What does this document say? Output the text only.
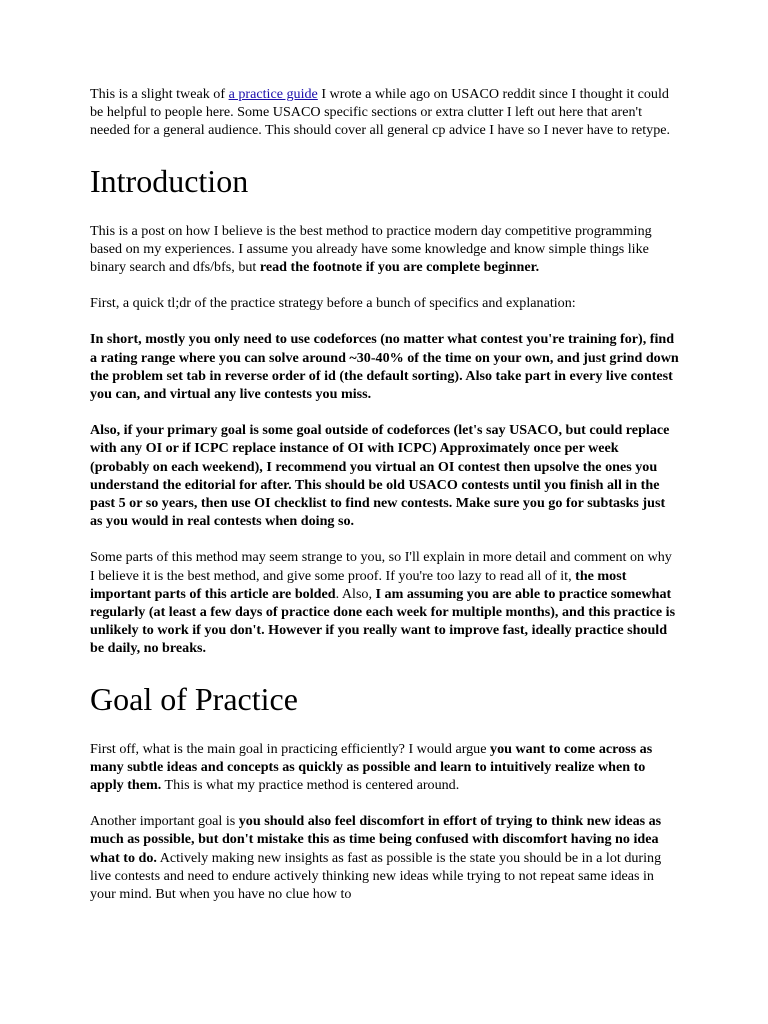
This is a slight tweak of a practice guide I wrote a while ago on USACO reddit since I thought it could be helpful to people here. Some USACO specific sections or extra clutter I left out here that aren't needed for a general audience. This should cover all general cp advice I have so I never have to retype.

Introduction

This is a post on how I believe is the best method to practice modern day competitive programming based on my experiences. I assume you already have some knowledge and know simple things like binary search and dfs/bfs, but read the footnote if you are complete beginner.

First, a quick tl;dr of the practice strategy before a bunch of specifics and explanation:

In short, mostly you only need to use codeforces (no matter what contest you're training for), find a rating range where you can solve around ~30-40% of the time on your own, and just grind down the problem set tab in reverse order of id (the default sorting). Also take part in every live contest you can, and virtual any live contests you miss.

Also, if your primary goal is some goal outside of codeforces (let's say USACO, but could replace with any OI or if ICPC replace instance of OI with ICPC) Approximately once per week (probably on each weekend), I recommend you virtual an OI contest then upsolve the ones you understand the editorial for after. This should be old USACO contests until you finish all in the past 5 or so years, then use OI checklist to find new contests. Make sure you go for subtasks just as you would in real contests when doing so.

Some parts of this method may seem strange to you, so I'll explain in more detail and comment on why I believe it is the best method, and give some proof. If you're too lazy to read all of it, the most important parts of this article are bolded. Also, I am assuming you are able to practice somewhat regularly (at least a few days of practice done each week for multiple months), and this practice is unlikely to work if you don't. However if you really want to improve fast, ideally practice should be daily, no breaks.

Goal of Practice

First off, what is the main goal in practicing efficiently? I would argue you want to come across as many subtle ideas and concepts as quickly as possible and learn to intuitively realize when to apply them. This is what my practice method is centered around.

Another important goal is you should also feel discomfort in effort of trying to think new ideas as much as possible, but don't mistake this as time being confused with discomfort having no idea what to do. Actively making new insights as fast as possible is the state you should be in a lot during live contests and need to endure actively thinking new ideas while trying to not repeat same ideas in your mind. But when you have no clue how to
